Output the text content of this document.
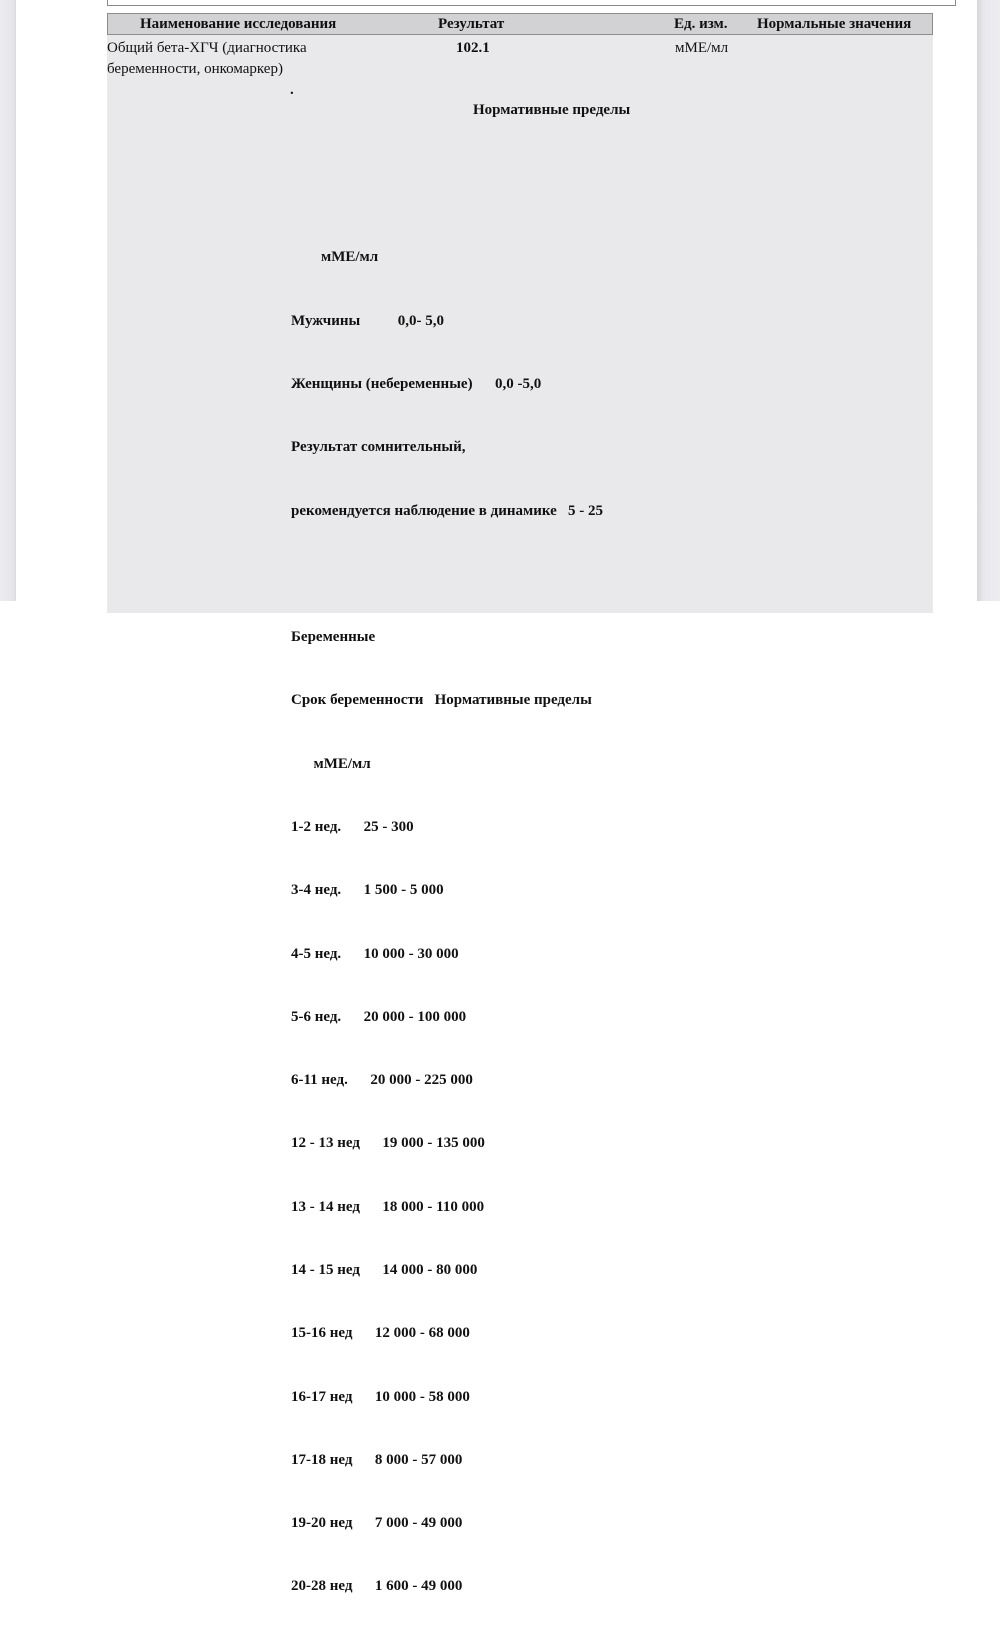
Наименование исследования	Результат	Ед. изм. Нормальные значения
Общий бета-ХГЧ (диагностика
беременности, онкомаркер)
102.1	мМЕ/мл
.
Нормативные пределы

мМЕ/мл

Мужчины          0,0- 5,0

Женщины (небеременные)      0,0 -5,0

Результат сомнительный,

рекомендуется наблюдение в динамике   5 - 25

Беременные

Срок беременности   Нормативные пределы

мМЕ/мл

1-2 нед.      25 - 300

3-4 нед.      1 500 - 5 000

4-5 нед.      10 000 - 30 000

5-6 нед.      20 000 - 100 000

6-11 нед.      20 000 - 225 000

12 - 13 нед      19 000 - 135 000

13 - 14 нед      18 000 - 110 000

14 - 15 нед      14 000 - 80 000

15-16 нед      12 000 - 68 000

16-17 нед      10 000 - 58 000

17-18 нед      8 000 - 57 000

19-20 нед      7 000 - 49 000

20-28 нед      1 600 - 49 000
